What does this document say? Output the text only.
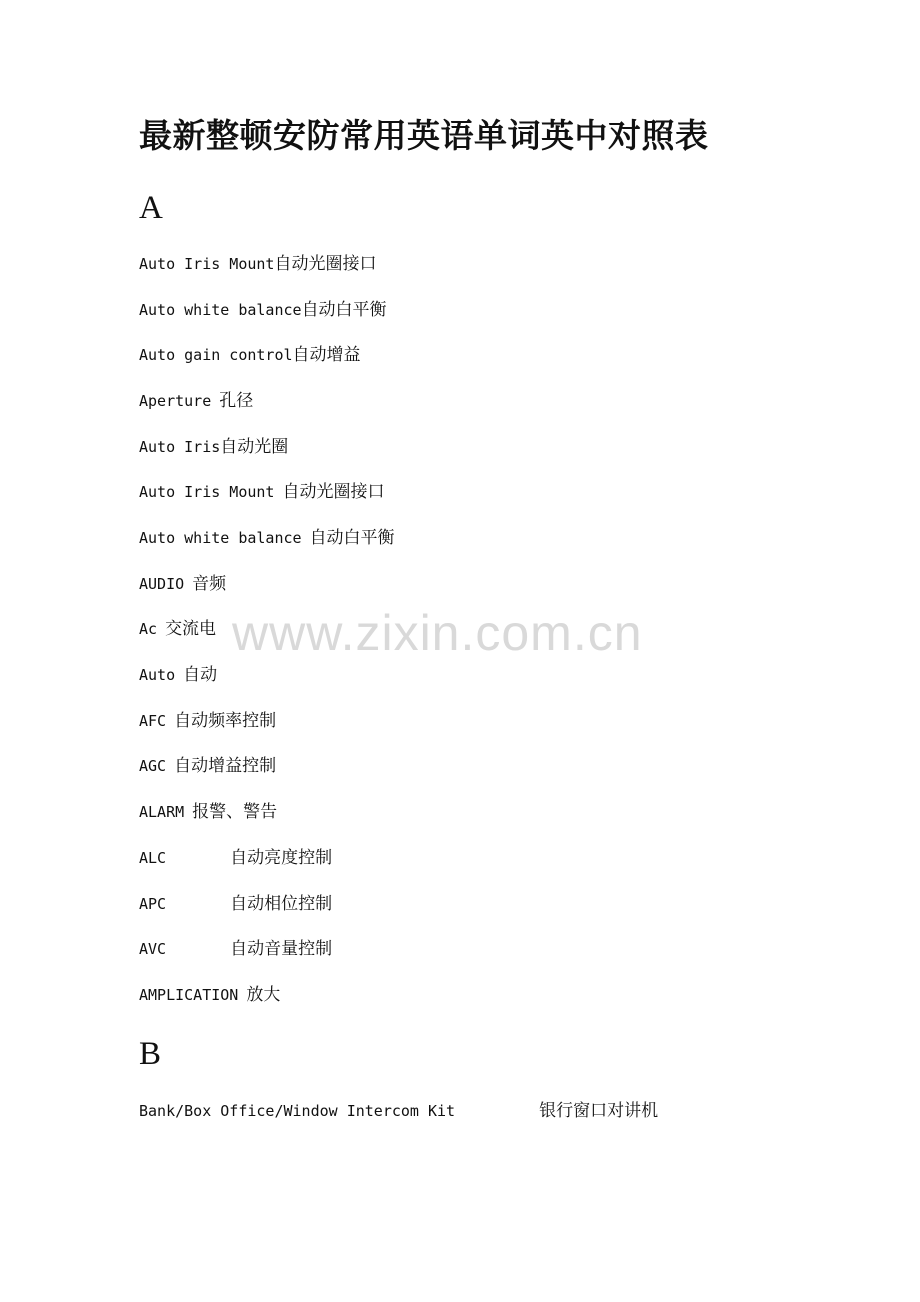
最新整顿安防常用英语单词英中对照表
A

Auto Iris Mount自动光圈接口

Auto white balance自动白平衡

Auto gain control自动增益

Aperture 孔径

Auto Iris自动光圈

Auto Iris Mount 自动光圈接口

Auto white balance 自动白平衡

AUDIO 音频

Ac 交流电

Auto 自动

AFC 自动频率控制

AGC 自动增益控制

ALARM 报警、警告

ALC	自动亮度控制

APC	自动相位控制

AVC	自动音量控制

AMPLICATION 放大

B

Bank/Box Office/Window Intercom Kit	银行窗口对讲机

www.zixin.com.cn
